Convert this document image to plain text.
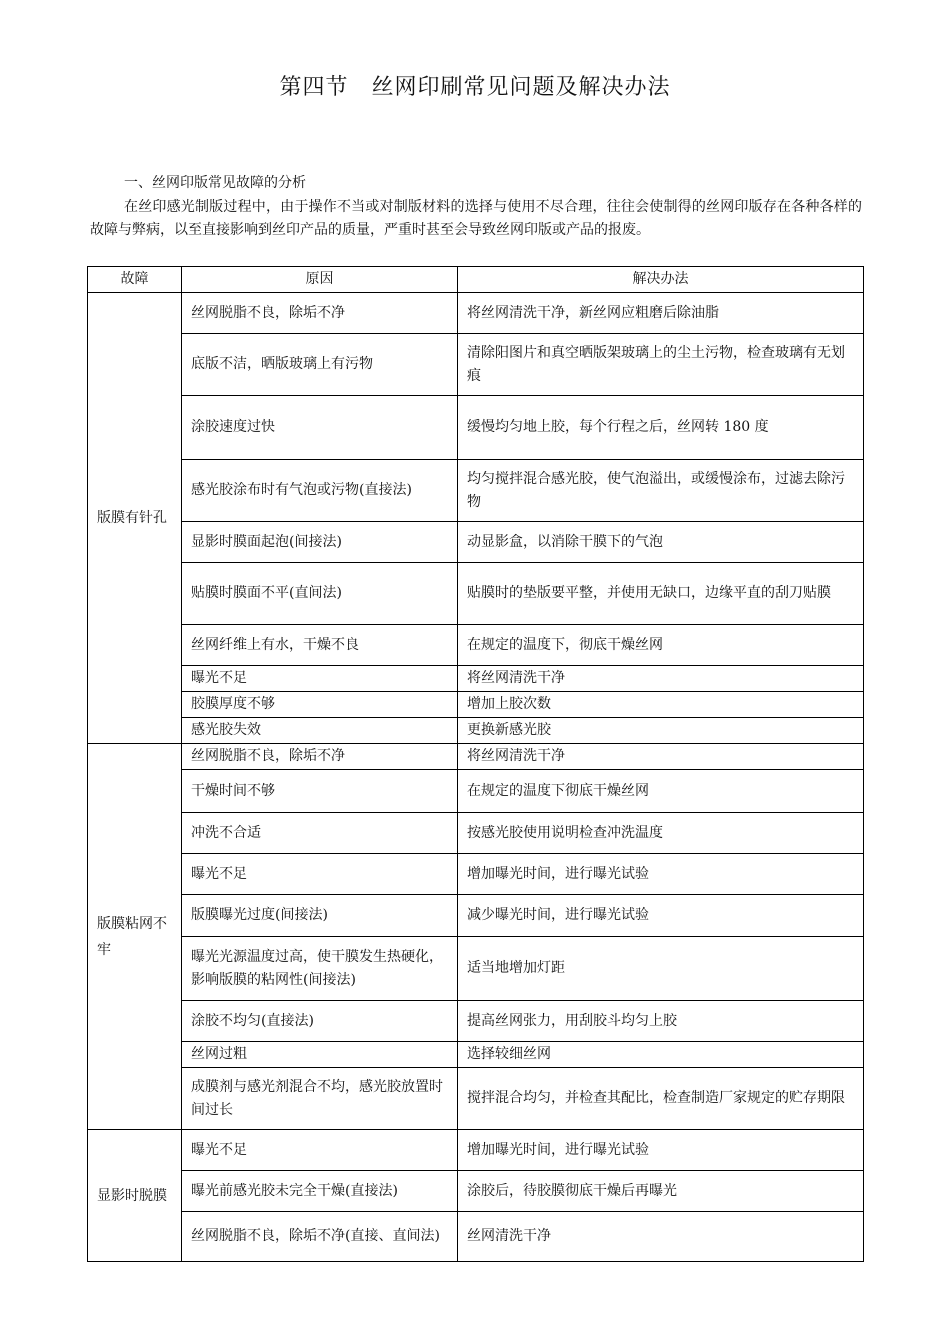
第四节　丝网印刷常见问题及解决办法
一、丝网印版常见故障的分析
在丝印感光制版过程中，由于操作不当或对制版材料的选择与使用不尽合理，往往会使制得的丝网印版存在各种各样的故障与弊病，以至直接影响到丝印产品的质量，严重时甚至会导致丝网印版或产品的报废。
故障	原因	解决办法
版膜有针孔	丝网脱脂不良，除垢不净	将丝网清洗干净，新丝网应粗磨后除油脂
	底版不洁，晒版玻璃上有污物	清除阳图片和真空晒版架玻璃上的尘土污物，检查玻璃有无划痕
	涂胶速度过快	缓慢均匀地上胶，每个行程之后，丝网转 180 度
	感光胶涂布时有气泡或污物(直接法)	均匀搅拌混合感光胶，使气泡溢出，或缓慢涂布，过滤去除污物
	显影时膜面起泡(间接法)	动显影盒，以消除干膜下的气泡
	贴膜时膜面不平(直间法)	贴膜时的垫版要平整，并使用无缺口，边缘平直的刮刀贴膜
	丝网纤维上有水，干燥不良	在规定的温度下，彻底干燥丝网
	曝光不足	将丝网清洗干净
	胶膜厚度不够	增加上胶次数
	感光胶失效	更换新感光胶
版膜粘网不牢	丝网脱脂不良，除垢不净	将丝网清洗干净
	干燥时间不够	在规定的温度下彻底干燥丝网
	冲洗不合适	按感光胶使用说明检查冲洗温度
	曝光不足	增加曝光时间，进行曝光试验
	版膜曝光过度(间接法)	减少曝光时间，进行曝光试验
	曝光光源温度过高，使干膜发生热硬化，影响版膜的粘网性(间接法)	适当地增加灯距
	涂胶不均匀(直接法)	提高丝网张力，用刮胶斗均匀上胶
	丝网过粗	选择较细丝网
	成膜剂与感光剂混合不均，感光胶放置时间过长	搅拌混合均匀，并检查其配比，检查制造厂家规定的贮存期限
显影时脱膜	曝光不足	增加曝光时间，进行曝光试验
	曝光前感光胶未完全干燥(直接法)	涂胶后，待胶膜彻底干燥后再曝光
	丝网脱脂不良，除垢不净(直接、直间法)	丝网清洗干净
